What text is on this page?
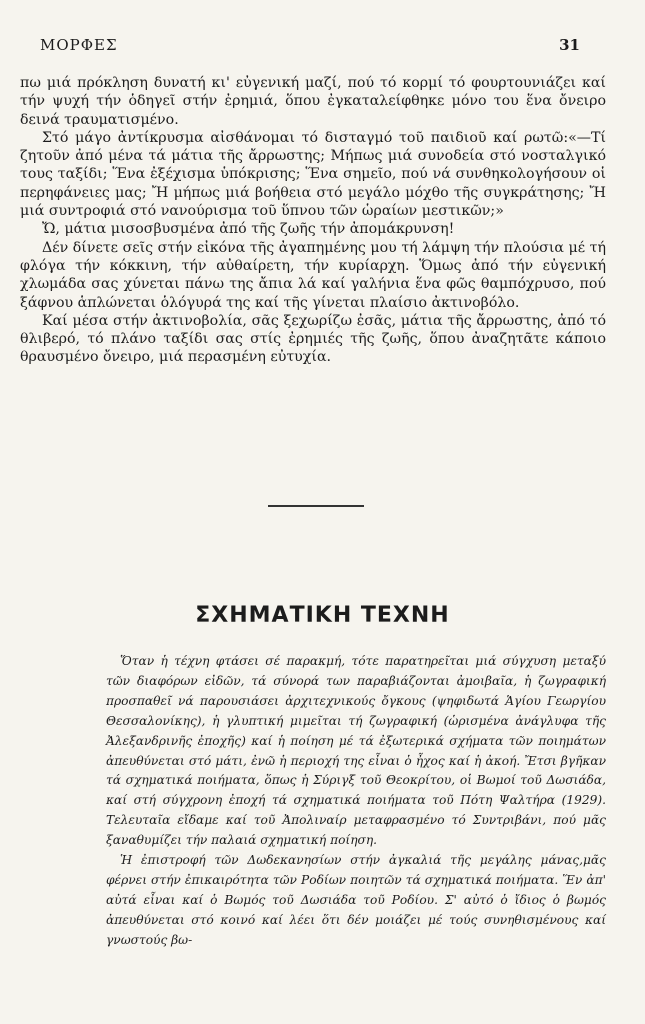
ΜΟΡΦΕΣ	31

πω μιά πρόκληση δυνατή κι' εὐγενική μαζί, πού τό κορμί τό φουρτουνιάζει καί τήν ψυχή τήν ὁδηγεῖ στήν ἐρημιά, ὅπου ἐγκαταλείφθηκε μόνο του ἕνα ὄνειρο δεινά τραυματισμένο.

Στό μάγο ἀντίκρυσμα αἰσθάνομαι τό δισταγμό τοῦ παιδιοῦ καί ρωτῶ:«—Τί ζητοῦν ἀπό μένα τά μάτια τῆς ἄρρωστης; Μήπως μιά συνοδεία στό νοσταλγικό τους ταξίδι; Ἕνα ἐξέχισμα ὑπόκρισης; Ἕνα σημεῖο, πού νά συνθηκολογήσουν οἱ περηφάνειες μας; Ἤ μήπως μιά βοήθεια στό μεγάλο μόχθο τῆς συγκράτησης; Ἤ μιά συντροφιά στό νανούρισμα τοῦ ὕπνου τῶν ὡραίων μεστικῶν;»

Ὤ, μάτια μισοσβυσμένα ἀπό τῆς ζωῆς τήν ἀπομάκρυνση!

Δέν δίνετε σεῖς στήν εἰκόνα τῆς ἀγαπημένης μου τή λάμψη τήν πλούσια μέ τή φλόγα τήν κόκκινη, τήν αὐθαίρετη, τήν κυρίαρχη. Ὅμως ἀπό τήν εὐγενική χλωμάδα σας χύνεται πάνω της ἄπια λά καί γαλήνια ἕνα φῶς θαμπόχρυσο, πού ξάφνου ἁπλώνεται ὁλόγυρά της καί τῆς γίνεται πλαίσιο ἀκτινοβόλο.

Καί μέσα στήν ἀκτινοβολία, σᾶς ξεχωρίζω ἐσᾶς, μάτια τῆς ἄρρωστης, ἀπό τό θλιβερό, τό πλάνο ταξίδι σας στίς ἐρημιές τῆς ζωῆς, ὅπου ἀναζητᾶτε κάποιο θραυσμένο ὄνειρο, μιά περασμένη εὐτυχία.

ΣΧΗΜΑΤΙΚΗ ΤΕΧΝΗ

Ὅταν ἡ τέχνη φτάσει σέ παρακμή, τότε παρατηρεῖται μιά σύγχυση μεταξύ τῶν διαφόρων εἰδῶν, τά σύνορά των παραβιάζονται ἀμοιβαῖα, ἡ ζωγραφική προσπαθεῖ νά παρουσιάσει ἀρχιτεχνικούς ὄγκους (ψηφιδωτά Ἁγίου Γεωργίου Θεσσαλονίκης), ἡ γλυπτική μιμεῖται τή ζωγραφική (ὡρισμένα ἀνάγλυφα τῆς Ἀλεξανδρινῆς ἐποχῆς) καί ἡ ποίηση μέ τά ἐξωτερικά σχήματα τῶν ποιημάτων ἀπευθύνεται στό μάτι, ἐνῶ ἡ περιοχή της εἶναι ὁ ἦχος καί ἡ ἀκοή. Ἔτσι βγῆκαν τά σχηματικά ποιήματα, ὅπως ἡ Σύριγξ τοῦ Θεοκρίτου, οἱ Βωμοί τοῦ Δωσιάδα, καί στή σύγχρονη ἐποχή τά σχηματικά ποιήματα τοῦ Πότη Ψαλτήρα (1929). Τελευταῖα εἴδαμε καί τοῦ Ἀπολιναίρ μεταφρασμένο τό Συντριβάνι, πού μᾶς ξαναθυμίζει τήν παλαιά σχηματική ποίηση.

Ἡ ἐπιστροφή τῶν Δωδεκανησίων στήν ἀγκαλιά τῆς μεγάλης μάνας,μᾶς φέρνει στήν ἐπικαιρότητα τῶν Ροδίων ποιητῶν τά σχηματικά ποιήματα. Ἕν ἀπ' αὐτά εἶναι καί ὁ Βωμός τοῦ Δωσιάδα τοῦ Ροδίου. Σ' αὐτό ὁ ἴδιος ὁ βωμός ἀπευθύνεται στό κοινό καί λέει ὅτι δέν μοιάζει μέ τούς συνηθισμένους καί γνωστούς βω-
